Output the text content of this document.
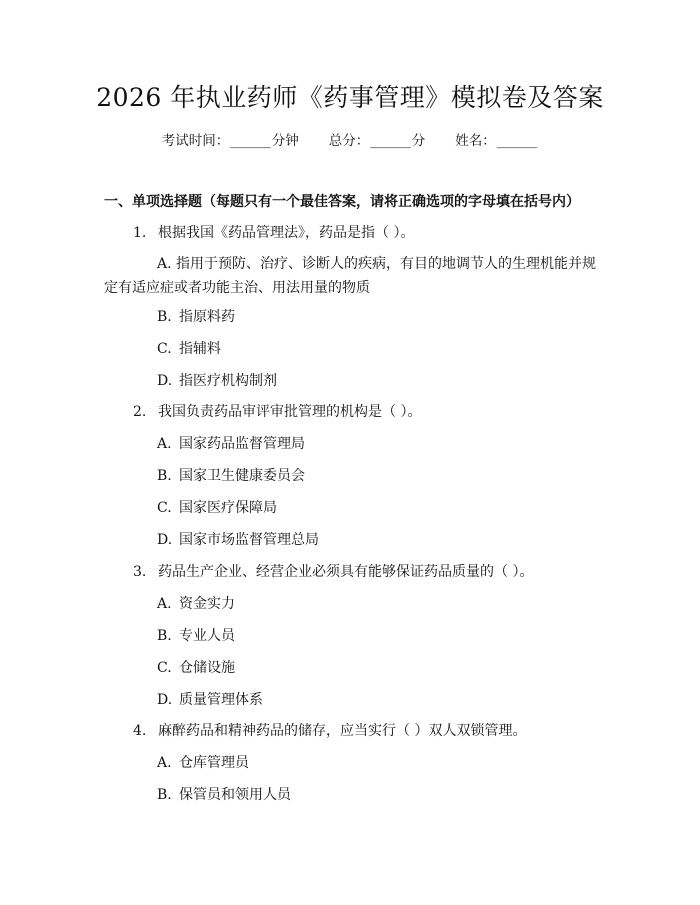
2026 年执业药师《药事管理》模拟卷及答案
考试时间：______分钟 总分：______分 姓名：______
一、单项选择题（每题只有一个最佳答案，请将正确选项的字母填在括号内）
1. 根据我国《药品管理法》，药品是指（ ）。
A. 指用于预防、治疗、诊断人的疾病，有目的地调节人的生理机能并规定有适应症或者功能主治、用法用量的物质
B. 指原料药
C. 指辅料
D. 指医疗机构制剂
2. 我国负责药品审评审批管理的机构是（ ）。
A. 国家药品监督管理局
B. 国家卫生健康委员会
C. 国家医疗保障局
D. 国家市场监督管理总局
3. 药品生产企业、经营企业必须具有能够保证药品质量的（ ）。
A. 资金实力
B. 专业人员
C. 仓储设施
D. 质量管理体系
4. 麻醉药品和精神药品的储存，应当实行（ ）双人双锁管理。
A. 仓库管理员
B. 保管员和领用人员
